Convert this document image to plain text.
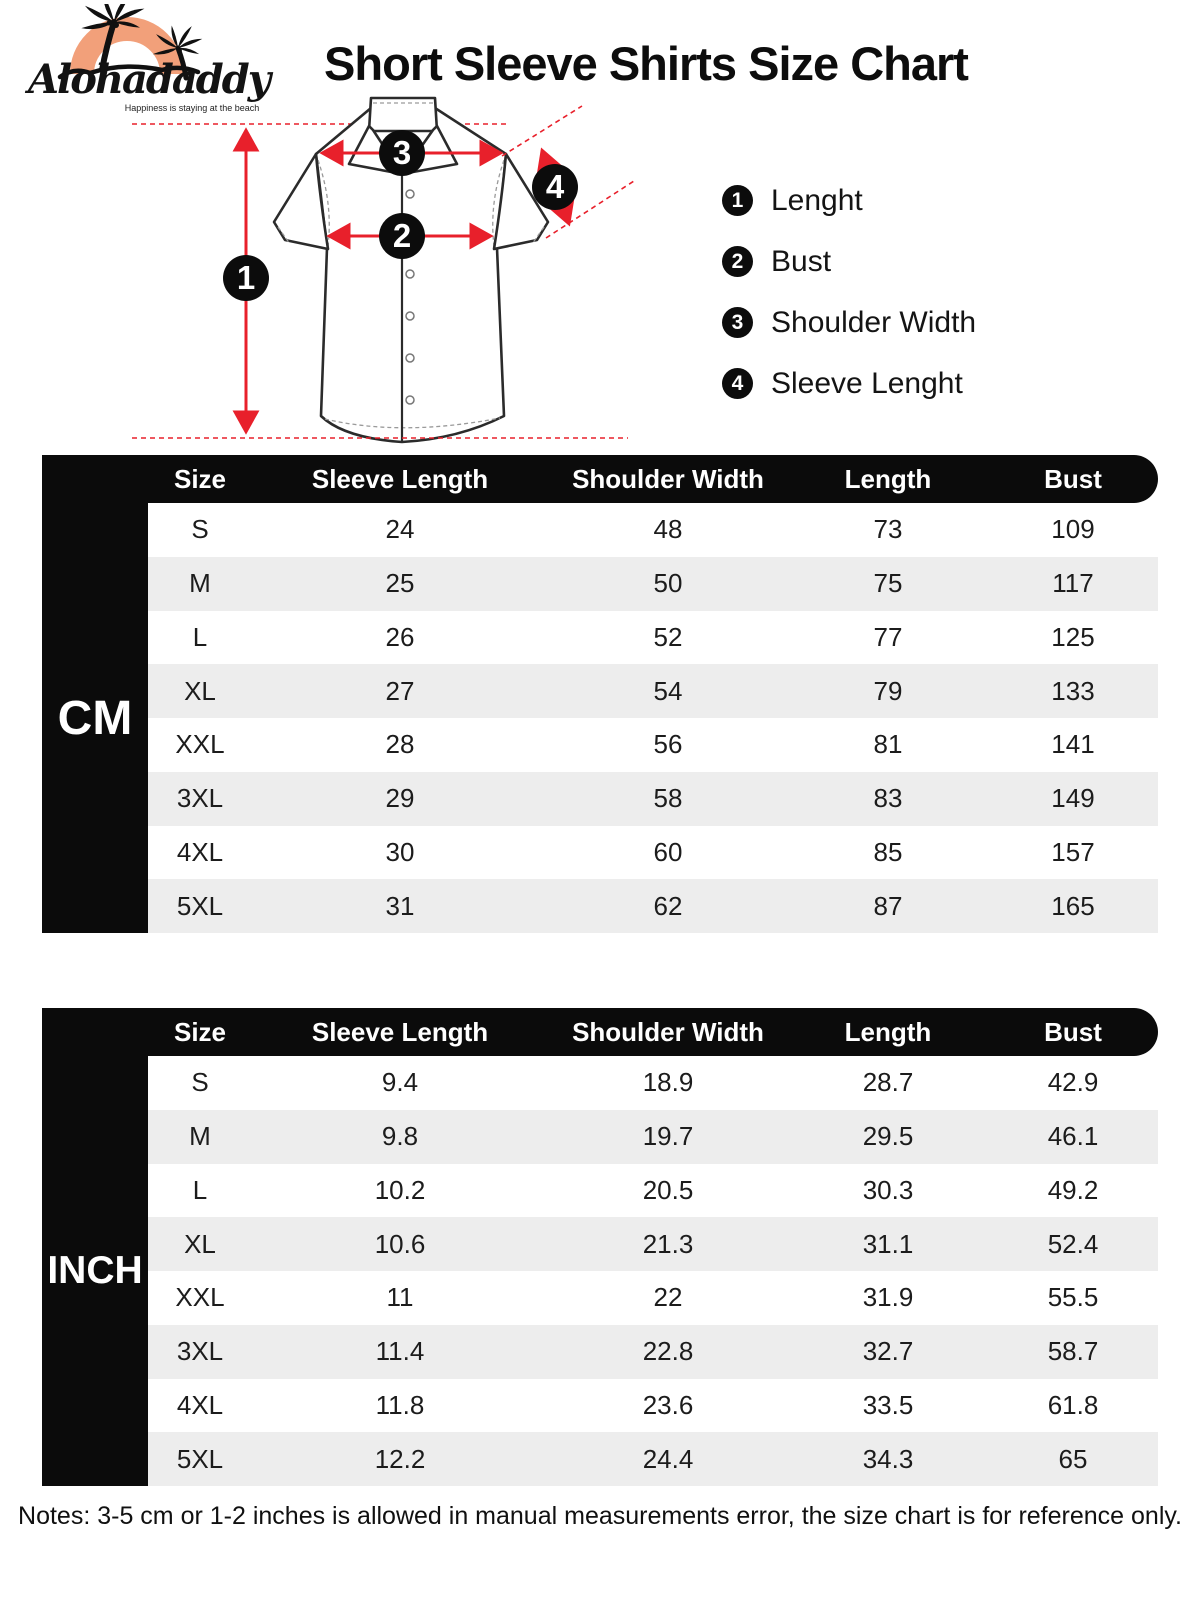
Alohadaddy
Happiness is staying at the beach
Short Sleeve Shirts Size Chart
1
2
3
4	1 Lenght
2 Bust
3 Shoulder Width
4 Sleeve Lenght
Size	Sleeve Length	Shoulder Width	Length	Bust
CM
S	24	48	73	109
M	25	50	75	117
L	26	52	77	125
XL	27	54	79	133
XXL	28	56	81	141
3XL	29	58	83	149
4XL	30	60	85	157
5XL	31	62	87	165
Size	Sleeve Length	Shoulder Width	Length	Bust
INCH
S	9.4	18.9	28.7	42.9
M	9.8	19.7	29.5	46.1
L	10.2	20.5	30.3	49.2
XL	10.6	21.3	31.1	52.4
XXL	11	22	31.9	55.5
3XL	11.4	22.8	32.7	58.7
4XL	11.8	23.6	33.5	61.8
5XL	12.2	24.4	34.3	65
Notes: 3-5 cm or 1-2 inches is allowed in manual measurements error, the size chart is for reference only.
